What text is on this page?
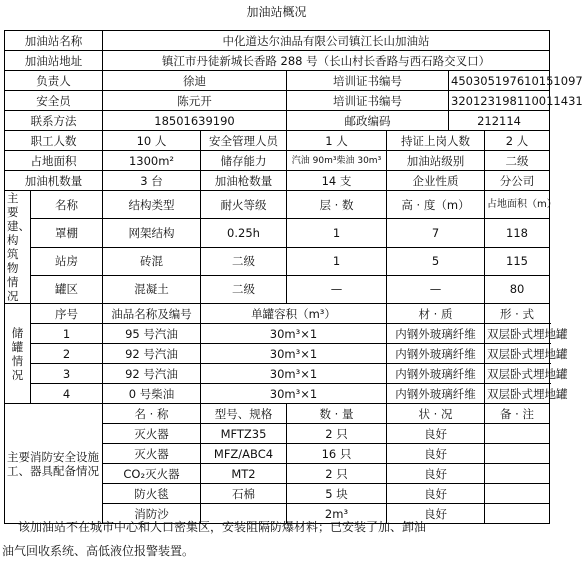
加油站概况
加油站名称		中化道达尔油品有限公司镇江长山加油站					
加油站地址		镇江市丹徒新城长香路 288 号（长山村长香路与西石路交叉口）					
负责人		徐迪		培训证书编号		450305197610151097	
安全员		陈元开		培训证书编号		320123198110011431	
联系方法		18501639190		邮政编码		212114	
职工人数		10 人	安全管理人员	1 人	持证上岗人数		2 人
占地面积		1300m²	储存能力	汽油 90m³柴油 30m³	加油站级别		二级
加油机数量		3 台	加油枪数量	14 支	企业性质		分公司
主要建、构筑物情况	名称	结构类型	耐火等级	层 · 数	高 · 度（m）		占地面积（m）
	罩棚	网架结构	0.25h	1	7		118
	站房	砖混	二级	1	5		115
	罐区	混凝土	二级	—	—		80
储罐情况	序号	油品名称及编号	单罐容积（m³）		材 · 质		形 · 式
	1	95 号汽油	30m³×1		内钢外玻璃纤维		双层卧式埋地罐
	2	92 号汽油	30m³×1		内钢外玻璃纤维		双层卧式埋地罐
	3	92 号汽油	30m³×1		内钢外玻璃纤维		双层卧式埋地罐
	4	0 号柴油	30m³×1		内钢外玻璃纤维		双层卧式埋地罐
主要消防安全设施工、器具配备情况		名 · 称	型号、规格	数 · 量	状 · 况		备 · 注
		灭火器	MFTZ35	2 只	良好		
		灭火器	MFZ/ABC4	16 只	良好		
		CO₂灭火器	MT2	2 只	良好		
		防火毯	石棉	5 块	良好		
		消防沙		2m³	良好		
该加油站不在城市中心和人口密集区，安装阻隔防爆材料；已安装了加、卸油
油气回收系统、高低液位报警装置。
